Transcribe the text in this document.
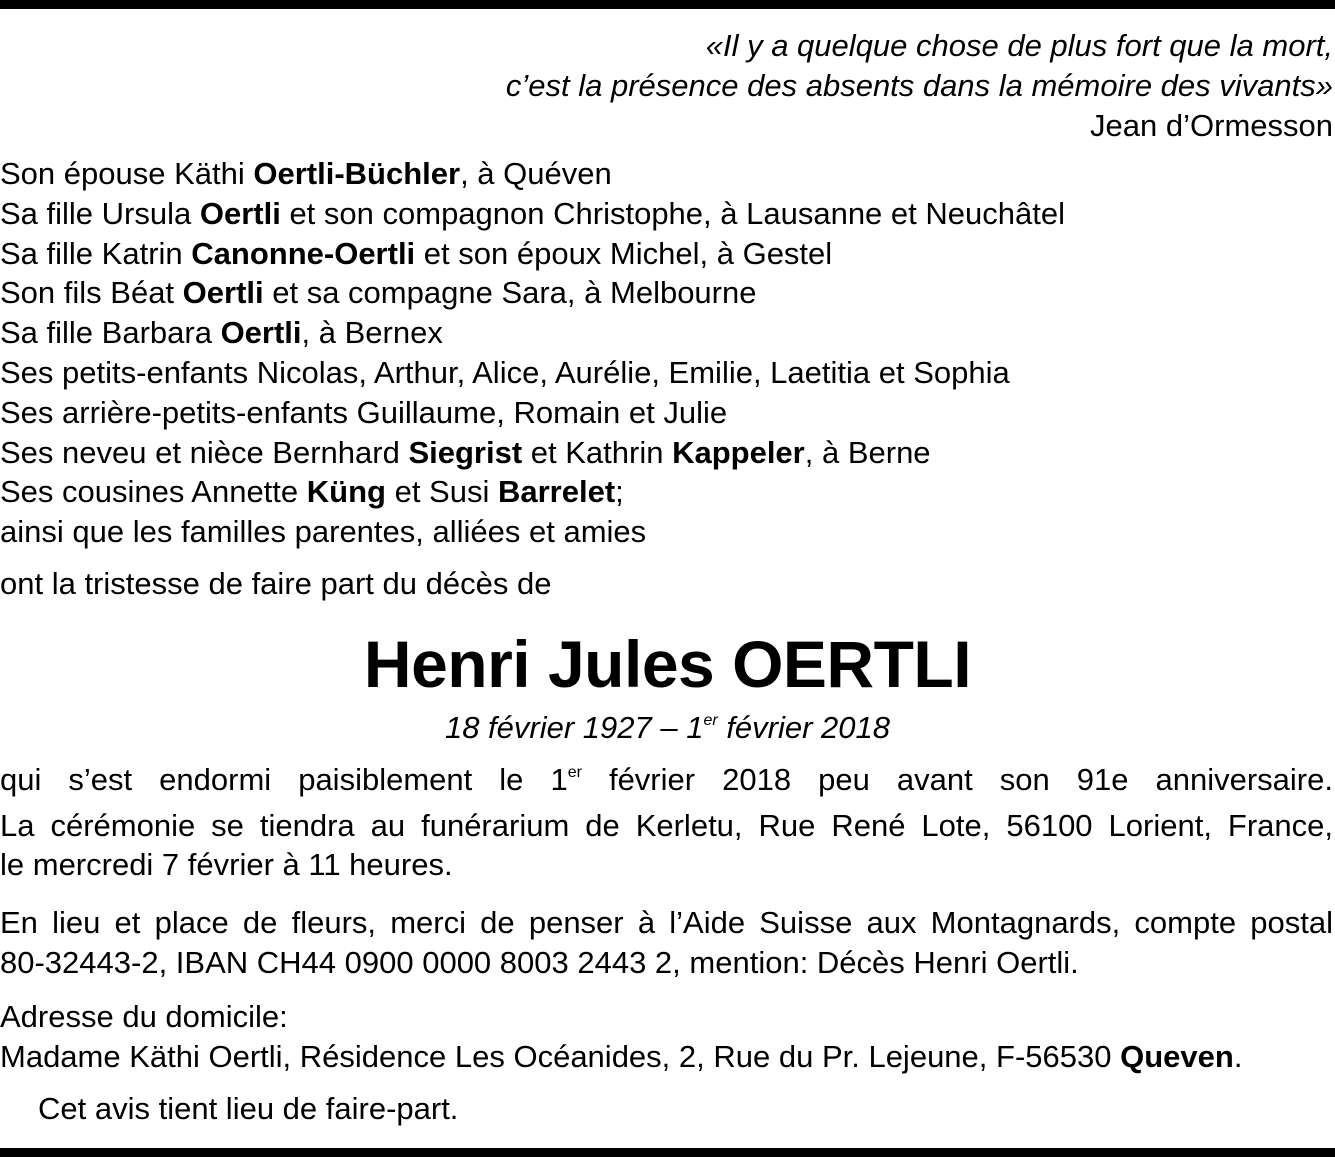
«Il y a quelque chose de plus fort que la mort,
c’est la présence des absents dans la mémoire des vivants»
Jean d’Ormesson
Son épouse Käthi Oertli-Büchler, à Quéven
Sa fille Ursula Oertli et son compagnon Christophe, à Lausanne et Neuchâtel
Sa fille Katrin Canonne-Oertli et son époux Michel, à Gestel
Son fils Béat Oertli et sa compagne Sara, à Melbourne
Sa fille Barbara Oertli, à Bernex
Ses petits-enfants Nicolas, Arthur, Alice, Aurélie, Emilie, Laetitia et Sophia
Ses arrière-petits-enfants Guillaume, Romain et Julie
Ses neveu et nièce Bernhard Siegrist et Kathrin Kappeler, à Berne
Ses cousines Annette Küng et Susi Barrelet;
ainsi que les familles parentes, alliées et amies
ont la tristesse de faire part du décès de
Henri Jules OERTLI
18 février 1927 – 1er février 2018
qui s’est endormi paisiblement le 1er février 2018 peu avant son 91e anniversaire.
La cérémonie se tiendra au funérarium de Kerletu, Rue René Lote, 56100 Lorient, France,
le mercredi 7 février à 11 heures.
En lieu et place de fleurs, merci de penser à l’Aide Suisse aux Montagnards, compte postal
80-32443-2, IBAN CH44 0900 0000 8003 2443 2, mention: Décès Henri Oertli.
Adresse du domicile:
Madame Käthi Oertli, Résidence Les Océanides, 2, Rue du Pr. Lejeune, F-56530 Queven.
Cet avis tient lieu de faire-part.
